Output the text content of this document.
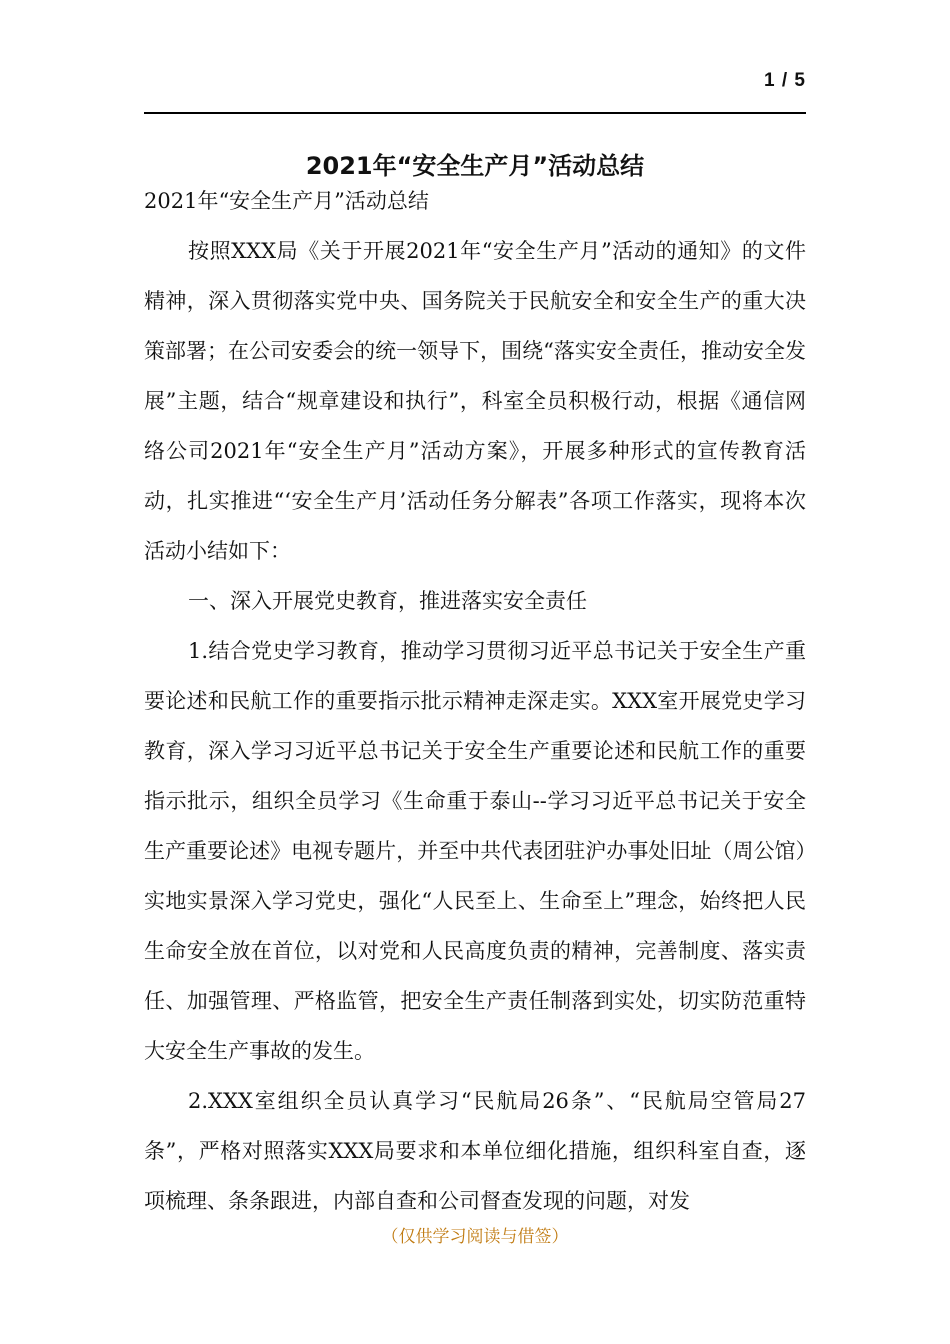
1 / 5
2021年“安全生产月”活动总结

2021年“安全生产月”活动总结

按照XXX局《关于开展2021年“安全生产月”活动的通知》的文件精神，深入贯彻落实党中央、国务院关于民航安全和安全生产的重大决策部署；在公司安委会的统一领导下，围绕“落实安全责任，推动安全发展”主题，结合“规章建设和执行”，科室全员积极行动，根据《通信网络公司2021年“安全生产月”活动方案》，开展多种形式的宣传教育活动，扎实推进“‘安全生产月’活动任务分解表”各项工作落实，现将本次活动小结如下：

一、深入开展党史教育，推进落实安全责任

1.结合党史学习教育，推动学习贯彻习近平总书记关于安全生产重要论述和民航工作的重要指示批示精神走深走实。XXX室开展党史学习教育，深入学习习近平总书记关于安全生产重要论述和民航工作的重要指示批示，组织全员学习《生命重于泰山--学习习近平总书记关于安全生产重要论述》电视专题片，并至中共代表团驻沪办事处旧址（周公馆）实地实景深入学习党史，强化“人民至上、生命至上”理念，始终把人民生命安全放在首位，以对党和人民高度负责的精神，完善制度、落实责任、加强管理、严格监管，把安全生产责任制落到实处，切实防范重特大安全生产事故的发生。

2.XXX室组织全员认真学习“民航局26条”、“民航局空管局27条”，严格对照落实XXX局要求和本单位细化措施，组织科室自查，逐项梳理、条条跟进，内部自查和公司督查发现的问题，对发

（仅供学习阅读与借签）
